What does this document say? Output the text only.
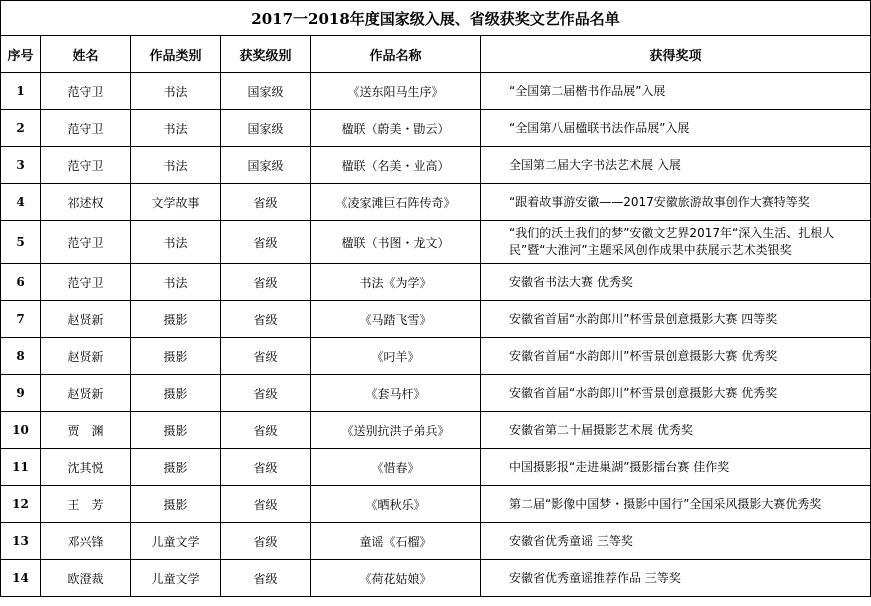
2017一2018年度国家级入展、省级获奖文艺作品名单					
序号	姓名	作品类别	获奖级别	作品名称	获得奖项
1	范守卫	书法	国家级	《送东阳马生序》	“全国第二届楷书作品展”入展
2	范守卫	书法	国家级	楹联（蔚美・勖云）	“全国第八届楹联书法作品展”入展
3	范守卫	书法	国家级	楹联（名美・业高）	全国第二届大字书法艺术展 入展
4	祁述权	文学故事	省级	《凌家滩巨石阵传奇》	“跟着故事游安徽——2017安徽旅游故事创作大赛特等奖
5	范守卫	书法	省级	楹联（书图・龙文）	“我们的沃土我们的梦”安徽文艺界2017年“深入生活、扎根人民”暨“大淮河”主题采风创作成果中获展示艺术类银奖
6	范守卫	书法	省级	书法《为学》	安徽省书法大赛 优秀奖
7	赵贤新	摄影	省级	《马踏飞雪》	安徽省首届“水韵郎川”杯雪景创意摄影大赛 四等奖
8	赵贤新	摄影	省级	《叼羊》	安徽省首届“水韵郎川”杯雪景创意摄影大赛 优秀奖
9	赵贤新	摄影	省级	《套马杆》	安徽省首届“水韵郎川”杯雪景创意摄影大赛 优秀奖
10	贾　渊	摄影	省级	《送别抗洪子弟兵》	安徽省第二十届摄影艺术展 优秀奖
11	沈其悦	摄影	省级	《惜春》	中国摄影报“走进巢湖”摄影擂台赛 佳作奖
12	王　芳	摄影	省级	《晒秋乐》	第二届“影像中国梦・摄影中国行”全国采风摄影大赛优秀奖
13	邓兴锋	儿童文学	省级	童谣《石榴》	安徽省优秀童谣 三等奖
14	欧澄裁	儿童文学	省级	《荷花姑娘》	安徽省优秀童谣推荐作品 三等奖
